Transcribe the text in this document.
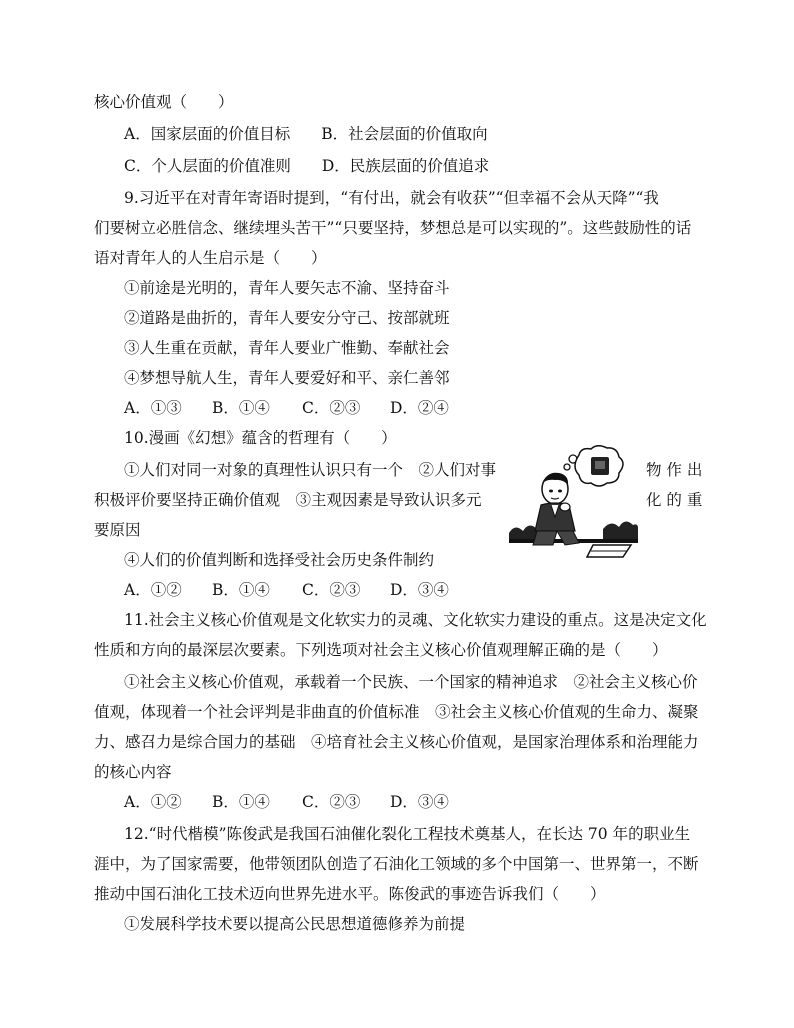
核心价值观（　　）
A．国家层面的价值目标　　B．社会层面的价值取向
C．个人层面的价值准则　　D．民族层面的价值追求
9.习近平在对青年寄语时提到，“有付出，就会有收获”“但幸福不会从天降”“我
们要树立必胜信念、继续埋头苦干”“只要坚持，梦想总是可以实现的”。这些鼓励性的话
语对青年人的人生启示是（　　）
①前途是光明的，青年人要矢志不渝、坚持奋斗
②道路是曲折的，青年人要安分守己、按部就班
③人生重在贡献，青年人要业广惟勤、奉献社会
④梦想导航人生，青年人要爱好和平、亲仁善邻
A．①③ B．①④ C．②③ D．②④
10.漫画《幻想》蕴含的哲理有（　　）
①人们对同一对象的真理性认识只有一个　②人们对事	物 作 出
积极评价要坚持正确价值观　③主观因素是导致认识多元	化 的 重
要原因
④人们的价值判断和选择受社会历史条件制约
A．①② B．①④ C．②③ D．③④
11.社会主义核心价值观是文化软实力的灵魂、文化软实力建设的重点。这是决定文化
性质和方向的最深层次要素。下列选项对社会主义核心价值观理解正确的是（　　）
①社会主义核心价值观，承载着一个民族、一个国家的精神追求　②社会主义核心价
值观，体现着一个社会评判是非曲直的价值标准　③社会主义核心价值观的生命力、凝聚
力、感召力是综合国力的基础　④培育社会主义核心价值观，是国家治理体系和治理能力
的核心内容
A．①② B．①④ C．②③ D．③④
12.“时代楷模”陈俊武是我国石油催化裂化工程技术奠基人，在长达 70 年的职业生
涯中，为了国家需要，他带领团队创造了石油化工领域的多个中国第一、世界第一，不断
推动中国石油化工技术迈向世界先进水平。陈俊武的事迹告诉我们（　　）
①发展科学技术要以提高公民思想道德修养为前提
